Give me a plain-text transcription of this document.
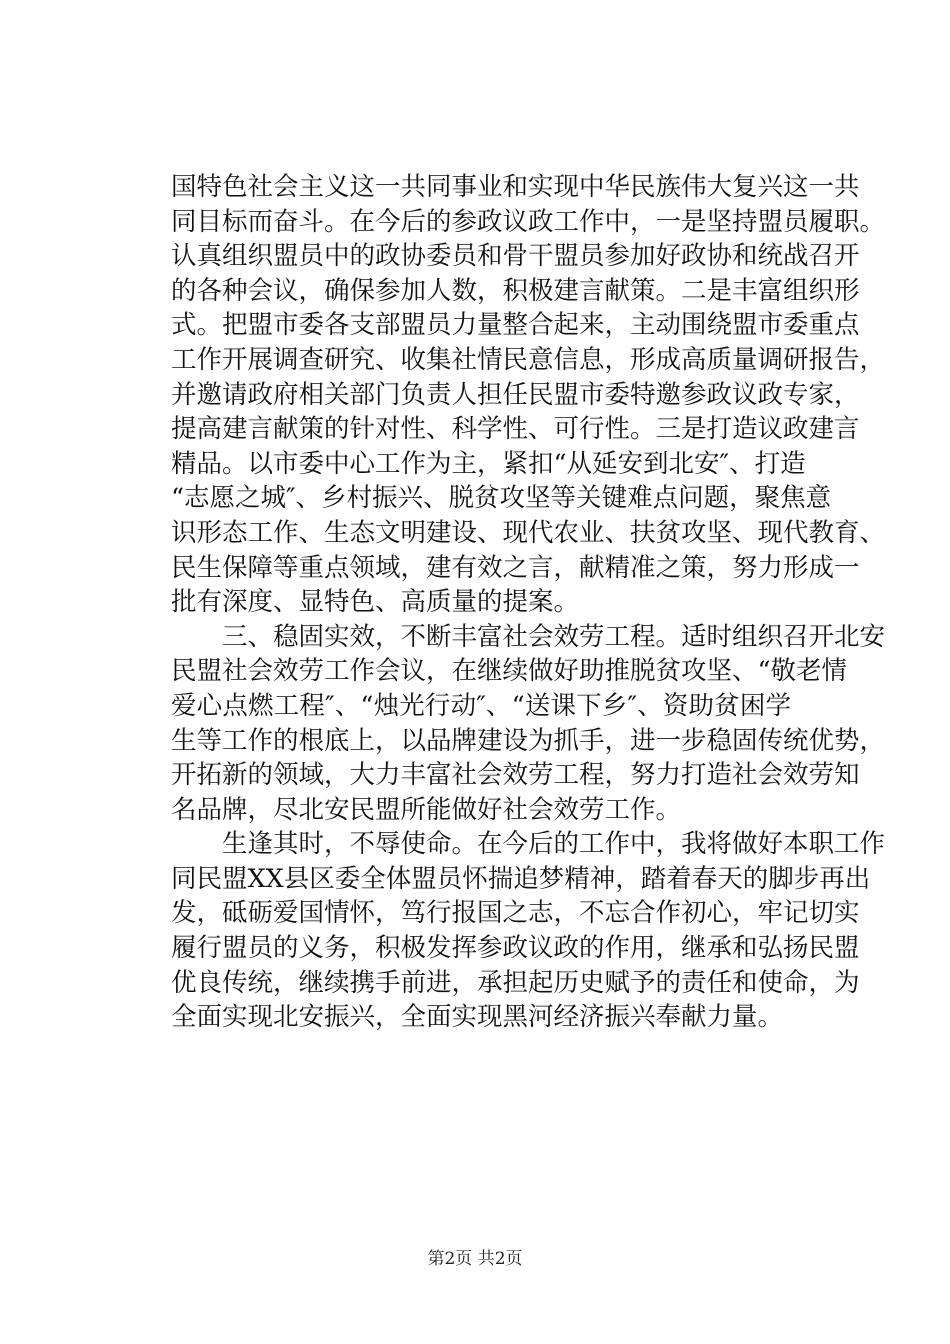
国特色社会主义这一共同事业和实现中华民族伟大复兴这一共
同目标而奋斗。在今后的参政议政工作中，一是坚持盟员履职。
认真组织盟员中的政协委员和骨干盟员参加好政协和统战召开
的各种会议，确保参加人数，积极建言献策。二是丰富组织形
式。把盟市委各支部盟员力量整合起来，主动围绕盟市委重点
工作开展调查研究、收集社情民意信息，形成高质量调研报告，
并邀请政府相关部门负责人担任民盟市委特邀参政议政专家，
提高建言献策的针对性、科学性、可行性。三是打造议政建言
精品。以市委中心工作为主，紧扣“从延安到北安″、打造
“志愿之城″、乡村振兴、脱贫攻坚等关键难点问题，聚焦意
识形态工作、生态文明建设、现代农业、扶贫攻坚、现代教育、
民生保障等重点领域，建有效之言，献精准之策，努力形成一
批有深度、显特色、高质量的提案。
　　三、稳固实效，不断丰富社会效劳工程。适时组织召开北安
民盟社会效劳工作会议，在继续做好助推脱贫攻坚、“敬老情
爱心点燃工程″、“烛光行动″、“送课下乡″、资助贫困学
生等工作的根底上，以品牌建设为抓手，进一步稳固传统优势，
开拓新的领域，大力丰富社会效劳工程，努力打造社会效劳知
名品牌，尽北安民盟所能做好社会效劳工作。
　　生逢其时，不辱使命。在今后的工作中，我将做好本职工作
同民盟XX县区委全体盟员怀揣追梦精神，踏着春天的脚步再出
发，砥砺爱国情怀，笃行报国之志，不忘合作初心，牢记切实
履行盟员的义务，积极发挥参政议政的作用，继承和弘扬民盟
优良传统，继续携手前进，承担起历史赋予的责任和使命，为
全面实现北安振兴，全面实现黑河经济振兴奉献力量。
第2页 共2页
